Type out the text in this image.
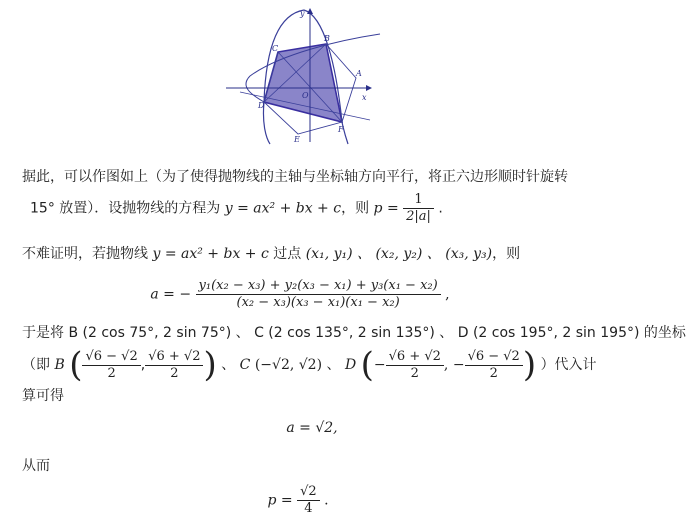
y
x
A
B
C
D
E
F
O
据此，可以作图如上（为了使得抛物线的主轴与坐标轴方向平行，将正六边形顺时针旋转
15° 放置）．设抛物线的方程为 y = ax² + bx + c，则 $p = \frac{1}{2|a|}$ .
不难证明，若抛物线 y = ax² + bx + c 过点 (x₁, y₁) 、 (x₂, y₂) 、 (x₃, y₃)，则
a = − $\frac{\text{y₁(x₂ − x₃) + y₂(x₃ − x₁) + y₃(x₁ − x₂)}}{\text{(x₂ − x₃)(x₃ − x₁)(x₁ − x₂)}}$ ,
于是将 B (2 cos 75°, 2 sin 75°) 、 C (2 cos 135°, 2 sin 135°) 、 D (2 cos 195°, 2 sin 195°) 的坐标
（即 B ( $\frac{√6 - √2}{2}$ , $\frac{√6 + √2}{2}$ ) 、 C (−√2, √2) 、 D (− $\frac{√6 + √2}{2}$ , − $\frac{√6 - √2}{2}$ ) ）代入计
算可得
a = √2,
从而
$p = \frac{√2}{4}$ .
